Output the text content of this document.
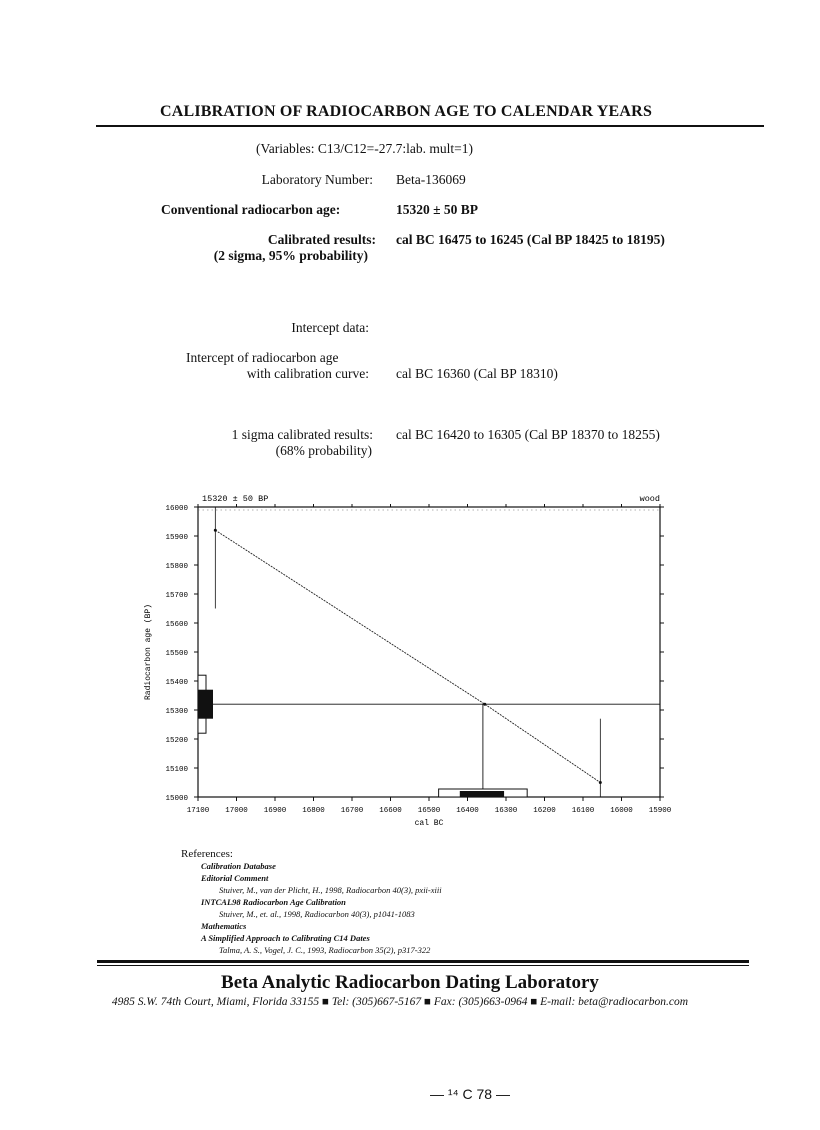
CALIBRATION OF RADIOCARBON AGE TO CALENDAR YEARS
(Variables: C13/C12=-27.7:lab. mult=1)
Laboratory Number: Beta-136069
Conventional radiocarbon age:	15320 ± 50 BP
Calibrated results:
(2 sigma, 95% probability)
cal BC 16475 to 16245 (Cal BP 18425 to 18195)
Intercept data:
Intercept of radiocarbon age
with calibration curve: cal BC 16360 (Cal BP 18310)
1 sigma calibrated results:
(68% probability)
cal BC 16420 to 16305 (Cal BP 18370 to 18255)
15320 ± 50 BP	wood
16000
15900
15800
15700
15600
15500
15400
15300
15200
15100
15000
17100 17000 16900 16800 16700 16600 16500 16400 16300 16200 16100 16000 15900
cal BC
Radiocarbon age (BP)
References:
Calibration Database
Editorial Comment
Stuiver, M., van der Plicht, H., 1998, Radiocarbon 40(3), pxii-xiii
INTCAL98 Radiocarbon Age Calibration
Stuiver, M., et. al., 1998, Radiocarbon 40(3), p1041-1083
Mathematics
A Simplified Approach to Calibrating C14 Dates
Talma, A. S., Vogel, J. C., 1993, Radiocarbon 35(2), p317-322
Beta Analytic Radiocarbon Dating Laboratory
4985 S.W. 74th Court, Miami, Florida 33155 ■ Tel: (305)667-5167 ■ Fax: (305)663-0964 ■ E-mail: beta@radiocarbon.com
— ¹⁴ C 78 —
